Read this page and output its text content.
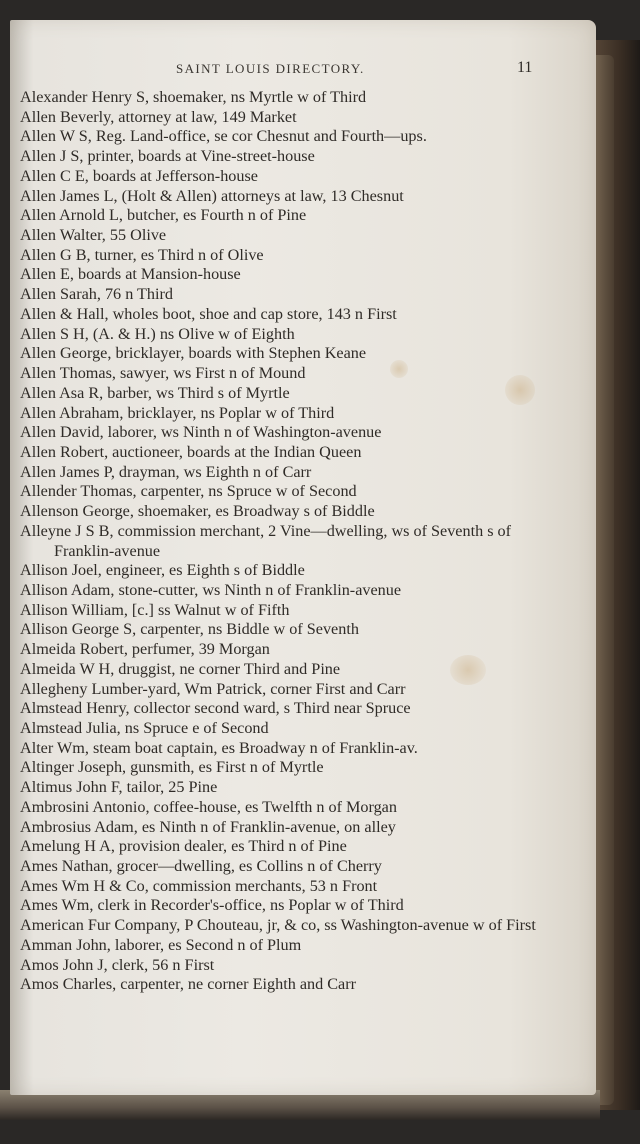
SAINT LOUIS DIRECTORY.	11

Alexander Henry S, shoemaker, ns Myrtle w of Third

Allen Beverly, attorney at law, 149 Market

Allen W S, Reg. Land-office, se cor Chesnut and Fourth—ups.

Allen J S, printer, boards at Vine-street-house

Allen C E, boards at Jefferson-house

Allen James L, (Holt & Allen) attorneys at law, 13 Chesnut

Allen Arnold L, butcher, es Fourth n of Pine

Allen Walter, 55 Olive

Allen G B, turner, es Third n of Olive

Allen E, boards at Mansion-house

Allen Sarah, 76 n Third

Allen & Hall, wholes boot, shoe and cap store, 143 n First

Allen S H, (A. & H.) ns Olive w of Eighth

Allen George, bricklayer, boards with Stephen Keane

Allen Thomas, sawyer, ws First n of Mound

Allen Asa R, barber, ws Third s of Myrtle

Allen Abraham, bricklayer, ns Poplar w of Third

Allen David, laborer, ws Ninth n of Washington-avenue

Allen Robert, auctioneer, boards at the Indian Queen

Allen James P, drayman, ws Eighth n of Carr

Allender Thomas, carpenter, ns Spruce w of Second

Allenson George, shoemaker, es Broadway s of Biddle

Alleyne J S B, commission merchant, 2 Vine—dwelling, ws of Seventh s of Franklin-avenue

Allison Joel, engineer, es Eighth s of Biddle

Allison Adam, stone-cutter, ws Ninth n of Franklin-avenue

Allison William, [c.] ss Walnut w of Fifth

Allison George S, carpenter, ns Biddle w of Seventh

Almeida Robert, perfumer, 39 Morgan

Almeida W H, druggist, ne corner Third and Pine

Allegheny Lumber-yard, Wm Patrick, corner First and Carr

Almstead Henry, collector second ward, s Third near Spruce

Almstead Julia, ns Spruce e of Second

Alter Wm, steam boat captain, es Broadway n of Franklin-av.

Altinger Joseph, gunsmith, es First n of Myrtle

Altimus John F, tailor, 25 Pine

Ambrosini Antonio, coffee-house, es Twelfth n of Morgan

Ambrosius Adam, es Ninth n of Franklin-avenue, on alley

Amelung H A, provision dealer, es Third n of Pine

Ames Nathan, grocer—dwelling, es Collins n of Cherry

Ames Wm H & Co, commission merchants, 53 n Front

Ames Wm, clerk in Recorder's-office, ns Poplar w of Third

American Fur Company, P Chouteau, jr, & co, ss Washington-avenue w of First

Amman John, laborer, es Second n of Plum

Amos John J, clerk, 56 n First

Amos Charles, carpenter, ne corner Eighth and Carr
